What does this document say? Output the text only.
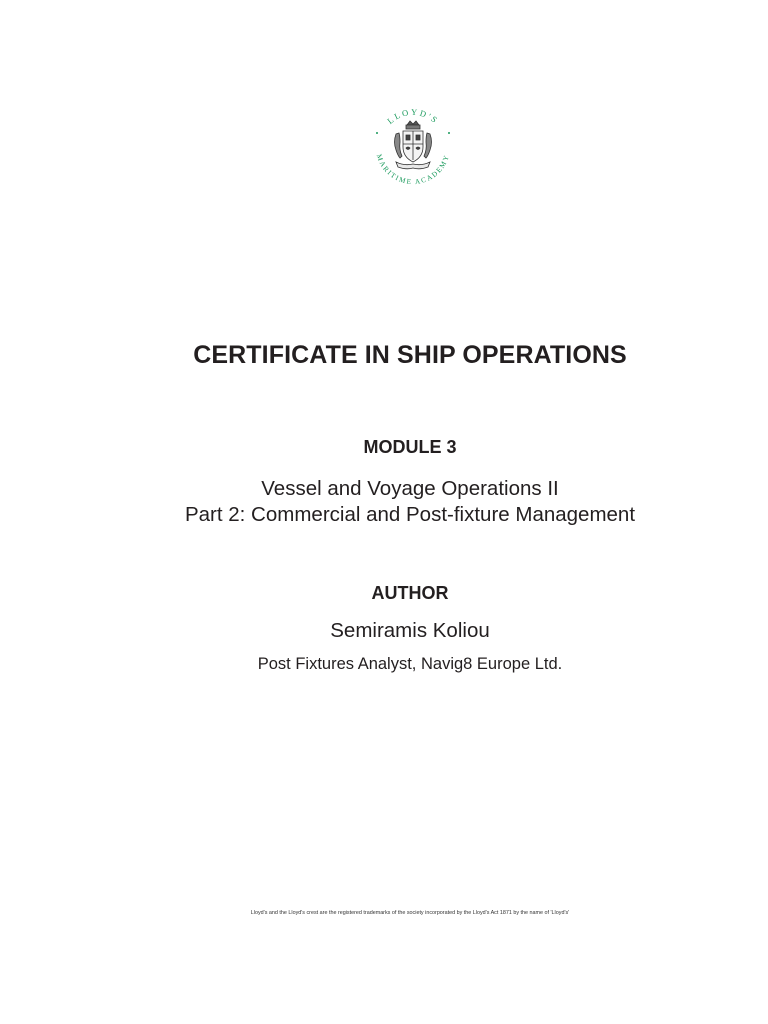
LLOYD'S
MARITIME ACADEMY
CERTIFICATE IN SHIP OPERATIONS
MODULE 3
Vessel and Voyage Operations II
Part 2: Commercial and Post-fixture Management
AUTHOR
Semiramis Koliou
Post Fixtures Analyst, Navig8 Europe Ltd.
Lloyd's and the Lloyd's crest are the registered trademarks of the society incorporated by the Lloyd's Act 1871 by the name of 'Lloyd's'
